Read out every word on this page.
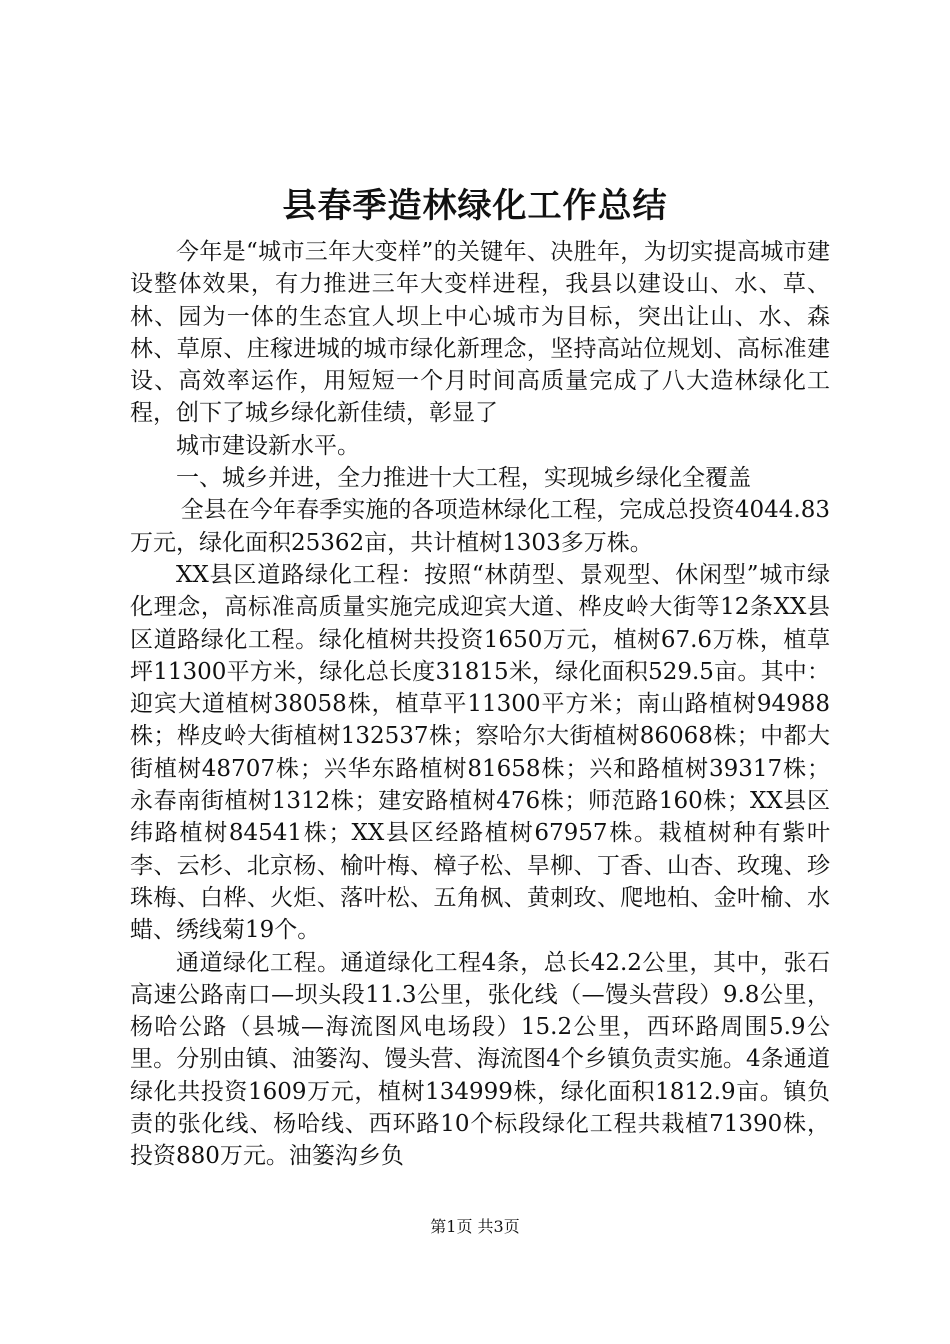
县春季造林绿化工作总结

今年是“城市三年大变样”的关键年、决胜年，为切实提高城市建设整体效果，有力推进三年大变样进程，我县以建设山、水、草、林、园为一体的生态宜人坝上中心城市为目标，突出让山、水、森林、草原、庄稼进城的城市绿化新理念，坚持高站位规划、高标准建设、高效率运作，用短短一个月时间高质量完成了八大造林绿化工程，创下了城乡绿化新佳绩，彰显了

城市建设新水平。

一、城乡并进，全力推进十大工程，实现城乡绿化全覆盖

全县在今年春季实施的各项造林绿化工程，完成总投资4044.83万元，绿化面积25362亩，共计植树1303多万株。

XX县区道路绿化工程：按照“林荫型、景观型、休闲型”城市绿化理念，高标准高质量实施完成迎宾大道、桦皮岭大街等12条XX县区道路绿化工程。绿化植树共投资1650万元，植树67.6万株，植草坪11300平方米，绿化总长度31815米，绿化面积529.5亩。其中：迎宾大道植树38058株，植草平11300平方米；南山路植树94988株；桦皮岭大街植树132537株；察哈尔大街植树86068株；中都大街植树48707株；兴华东路植树81658株；兴和路植树39317株；永春南街植树1312株；建安路植树476株；师范路160株；XX县区纬路植树84541株；XX县区经路植树67957株。栽植树种有紫叶李、云杉、北京杨、榆叶梅、樟子松、旱柳、丁香、山杏、玫瑰、珍珠梅、白桦、火炬、落叶松、五角枫、黄刺玫、爬地柏、金叶榆、水蜡、绣线菊19个。

通道绿化工程。通道绿化工程4条，总长42.2公里，其中，张石高速公路南口—坝头段11.3公里，张化线（—馒头营段）9.8公里，杨哈公路（县城—海流图风电场段）15.2公里，西环路周围5.9公里。分别由镇、油篓沟、馒头营、海流图4个乡镇负责实施。4条通道绿化共投资1609万元，植树134999株，绿化面积1812.9亩。镇负责的张化线、杨哈线、西环路10个标段绿化工程共栽植71390株，投资880万元。油篓沟乡负

第1页 共3页
